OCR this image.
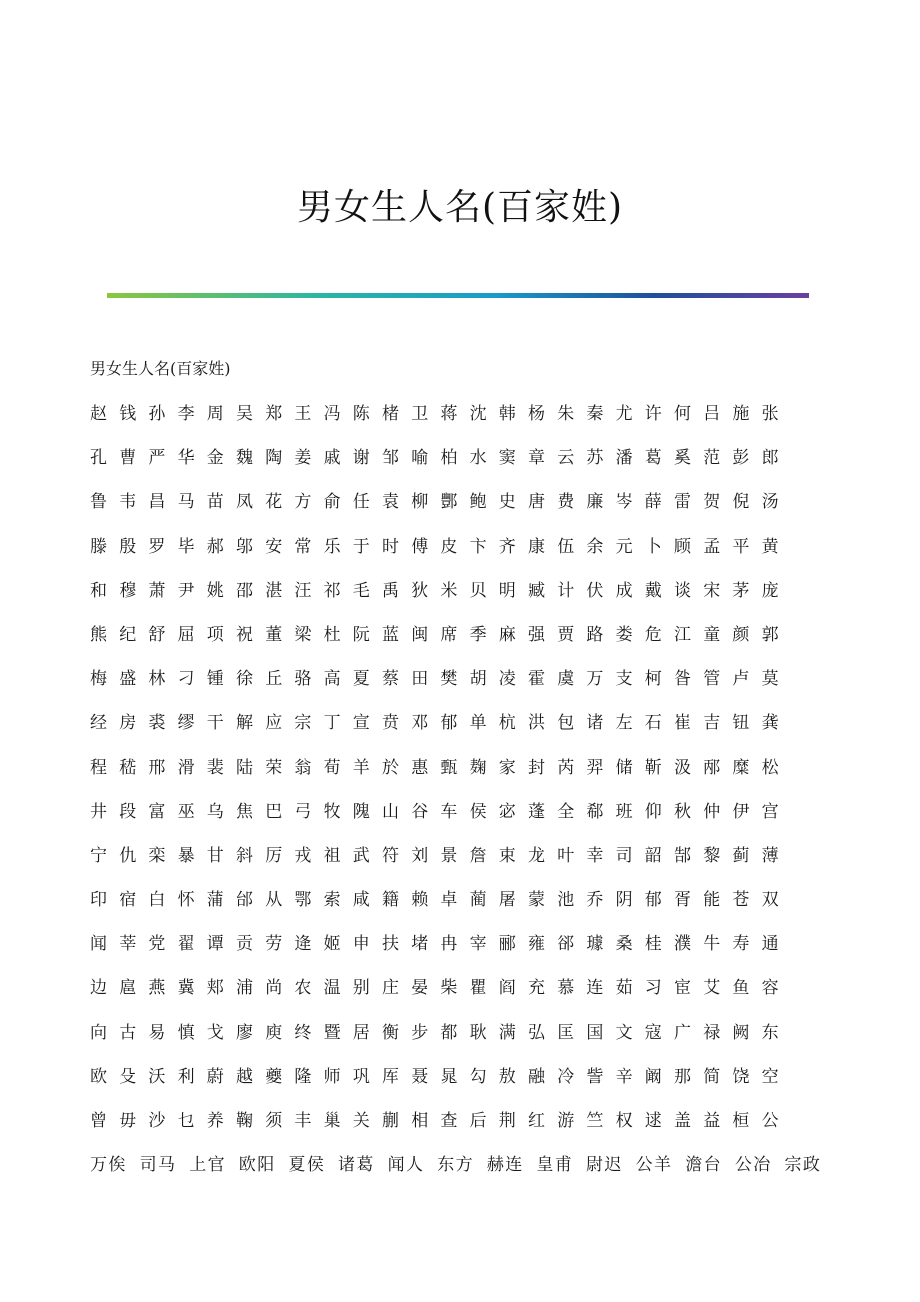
男女生人名(百家姓)
男女生人名(百家姓)
赵钱孙李周吴郑王冯陈楮卫蒋沈韩杨朱秦尤许何吕施张
孔曹严华金魏陶姜戚谢邹喻柏水窦章云苏潘葛奚范彭郎
鲁韦昌马苗凤花方俞任袁柳酆鲍史唐费廉岑薛雷贺倪汤
滕殷罗毕郝邬安常乐于时傅皮卞齐康伍余元卜顾孟平黄
和穆萧尹姚邵湛汪祁毛禹狄米贝明臧计伏成戴谈宋茅庞
熊纪舒屈项祝董梁杜阮蓝闽席季麻强贾路娄危江童颜郭
梅盛林刁锺徐丘骆高夏蔡田樊胡凌霍虞万支柯昝管卢莫
经房裘缪干解应宗丁宣贲邓郁单杭洪包诸左石崔吉钮龚
程嵇邢滑裴陆荣翁荀羊於惠甄麹家封芮羿储靳汲邴糜松
井段富巫乌焦巴弓牧隗山谷车侯宓蓬全郗班仰秋仲伊宫
宁仇栾暴甘斜厉戎祖武符刘景詹束龙叶幸司韶郜黎蓟薄
印宿白怀蒲邰从鄂索咸籍赖卓蔺屠蒙池乔阴郁胥能苍双
闻莘党翟谭贡劳逄姬申扶堵冉宰郦雍郤璩桑桂濮牛寿通
边扈燕冀郏浦尚农温别庄晏柴瞿阎充慕连茹习宦艾鱼容
向古易慎戈廖庾终暨居衡步都耿满弘匡国文寇广禄阙东
欧殳沃利蔚越夔隆师巩厍聂晁勾敖融冷訾辛阚那简饶空
曾毋沙乜养鞠须丰巢关蒯相查后荆红游竺权逑盖益桓公
万俟 司马 上官 欧阳 夏侯 诸葛 闻人 东方 赫连 皇甫 尉迟 公羊 澹台 公冶 宗政
